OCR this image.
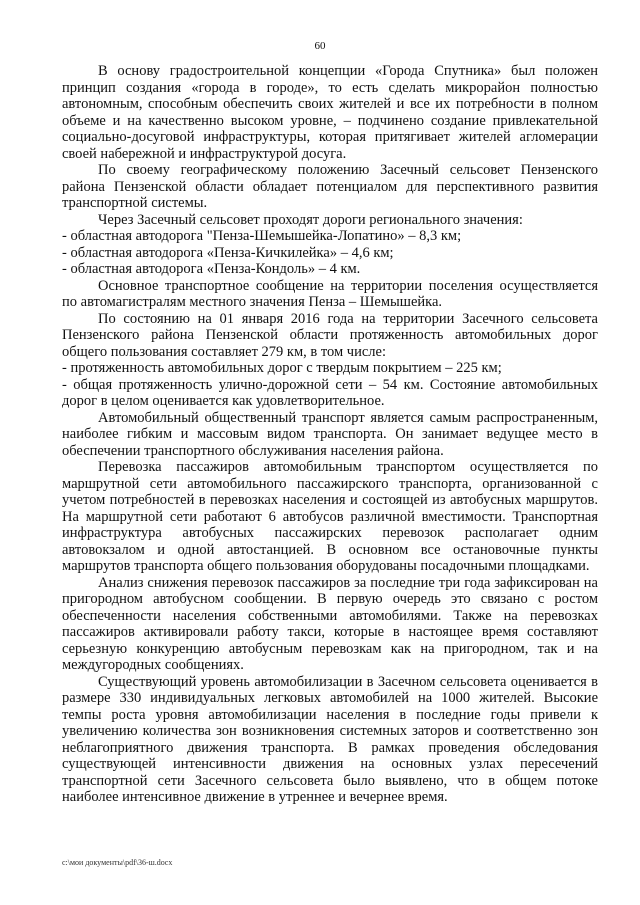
60

В основу градостроительной концепции «Города Спутника» был положен принцип создания «города в городе», то есть сделать микрорайон полностью автономным, способным обеспечить своих жителей и все их потребности в полном объеме и на качественно высоком уровне, – подчинено создание привлекательной социально-досуговой инфраструктуры, которая притягивает жителей агломерации своей набережной и инфраструктурой досуга.

По своему географическому положению Засечный сельсовет Пензенского района Пензенской области обладает потенциалом для перспективного развития транспортной системы.

Через Засечный сельсовет проходят дороги регионального значения:

- областная автодорога "Пенза-Шемышейка-Лопатино» – 8,3 км;

- областная автодорога «Пенза-Кичкилейка» – 4,6 км;

- областная автодорога «Пенза-Кондоль» – 4 км.

Основное транспортное сообщение на территории поселения осуществляется по автомагистралям местного значения Пенза – Шемышейка.

По состоянию на 01 января 2016 года на территории Засечного сельсовета Пензенского района Пензенской области протяженность автомобильных дорог общего пользования составляет 279 км, в том числе:

- протяженность автомобильных дорог с твердым покрытием – 225 км;

- общая протяженность улично-дорожной сети – 54 км. Состояние автомобильных дорог в целом оценивается как удовлетворительное.

Автомобильный общественный транспорт является самым распространенным, наиболее гибким и массовым видом транспорта. Он занимает ведущее место в обеспечении транспортного обслуживания населения района.

Перевозка пассажиров автомобильным транспортом осуществляется по маршрутной сети автомобильного пассажирского транспорта, организованной с учетом потребностей в перевозках населения и состоящей из автобусных маршрутов. На маршрутной сети работают 6 автобусов различной вместимости. Транспортная инфраструктура автобусных пассажирских перевозок располагает одним автовокзалом и одной автостанцией. В основном все остановочные пункты маршрутов транспорта общего пользования оборудованы посадочными площадками.

Анализ снижения перевозок пассажиров за последние три года зафиксирован на пригородном автобусном сообщении. В первую очередь это связано с ростом обеспеченности населения собственными автомобилями. Также на перевозках пассажиров активировали работу такси, которые в настоящее время составляют серьезную конкуренцию автобусным перевозкам как на пригородном, так и на междугородных сообщениях.

Существующий уровень автомобилизации в Засечном сельсовета оценивается в размере 330 индивидуальных легковых автомобилей на 1000 жителей. Высокие темпы роста уровня автомобилизации населения в последние годы привели к увеличению количества зон возникновения системных заторов и соответственно зон неблагоприятного движения транспорта. В рамках проведения обследования существующей интенсивности движения на основных узлах пересечений транспортной сети Засечного сельсовета было выявлено, что в общем потоке наиболее интенсивное движение в утреннее и вечернее время.

c:\мои документы\pdf\36-ш.docx
